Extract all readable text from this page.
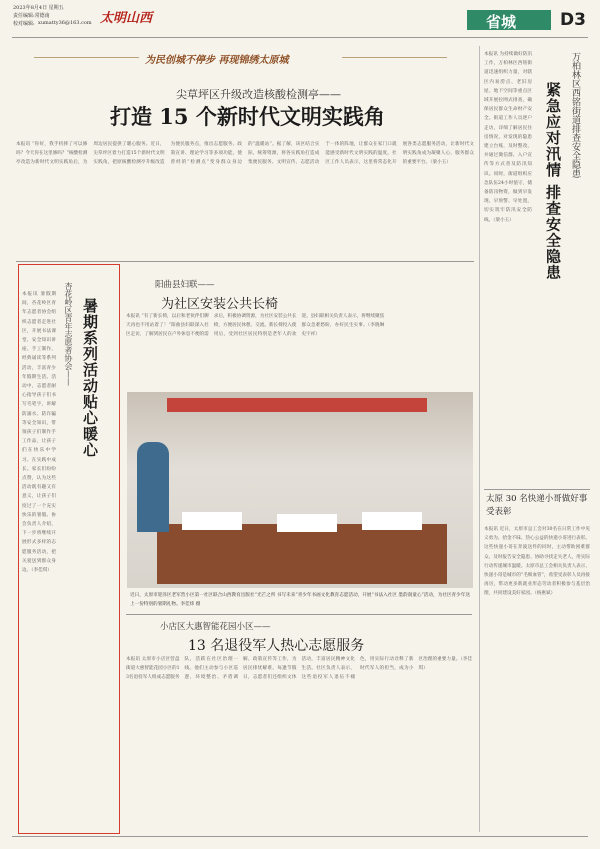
2023年8月4日 星期五
责任编辑:常德南
校对编辑: xumatty36@163.com 太明山西	省城	D3
为民创城不停步 再现锦绣太原城
尖草坪区升级改造核酸检测亭——
打造 15 个新时代文明实践角
本报讯 “你好，我手机摔了可以修吗？今天你在这里修吗？”核酸检测亭改造为新时代文明实践角后，为周边居民提供了暖心服务。近日，尖草坪区着力打造15个新时代文明实践角，把原核酸检测亭升级改造为便民服务点，推出志愿服务、政策宣讲、理论学习等多项功能，使曾经的“检测点”变身群众身边的“温暖站”。据了解，该区结合实际，统筹资源，将各实践角打造成集便民服务、文明宣传、志愿活动于一体的阵地，让群众在家门口就能感受新时代文明实践的温度。社区工作人员表示，这里将常态化开展各类志愿服务活动，让新时代文明实践角成为凝聚人心、服务群众的重要平台。（梁小玉）
本报讯 为持续做好防汛工作，万柏林区西铭街道迅速组织力量，对辖区内易涝点、老旧房屋、地下空间等重点区域开展拉网式排查，确保居民群众生命财产安全。街道工作人员逐户走访，详细了解居民住房情况，对发现的隐患建立台账，及时整改，并通过微信群、入户宣传等方式普及防汛知识。同时，街道组织应急队伍24小时值守，储备防汛物资，做到早发现、早预警、早处置，切实筑牢防汛安全防线。（梁小玉）
万柏林区西铭街道排查安全隐患
紧急应对汛情 排查安全隐患
太原 30 名快递小哥做好事受表彰
本报讯 近日，太原市总工会对30名在日常工作中见义勇为、拾金不昧、热心公益的快递小哥进行表彰。这些快递小哥在奔波送件的同时，主动帮助困难群众、及时报告安全隐患、协助寻找走失老人，用实际行动传递城市温暖。太原市总工会相关负责人表示，快递小哥是城市的“毛细血管”，希望受表彰人员再接再厉，带动更多新就业形态劳动者积极参与基层治理，共同建设美好家园。（杨惠斌）
暑期系列活动贴心暖心
杏花岭区青年志愿者协会——
本报讯 暑假期间，杏花岭区青年志愿者协会组织志愿者走进社区，开展书法课堂、安全知识讲座、手工制作、经典诵读等系列活动，丰富青少年假期生活。活动中，志愿者耐心指导孩子们书写毛笔字，讲解防溺水、防诈骗等安全知识，带领孩子们制作手工作品，让孩子们在快乐中学习、在实践中成长。家长们纷纷点赞，认为这些活动既有趣又有意义，让孩子们度过了一个充实快乐的暑假。协会负责人介绍，下一步将继续开展形式多样的志愿服务活动，把关爱送到群众身边。（李佳琪）
阳曲县妇联——
为社区安装公共长椅
本报讯 “有了新长椅，以后和老伙伴们聊天再也不用站着了！”阳曲县妇联深入社区走访，了解到居民在户外休息不便的需求后，积极协调资源，为社区安装公共长椅，方便居民休憩、交流。新长椅投入使用后，受到社区居民特别是老年人的欢迎。县妇联相关负责人表示，将继续聚焦群众急难愁盼，办好民生实事。（李晓琳 史宇祥）
近日，太原市迎泽区老军营小区第一社区联合山西教育出版社“光芒之所 书写未来”青少年书画文化教育志愿活动，开展“书法入社区 墨韵润童心”活动，为社区青少年送上一份特别的暑期礼物。李佳炜 摄
小店区大惠智能花园小区——
13 名退役军人热心志愿服务
本报讯 太原市小店区营盘街道大惠智能花园小区的13名退役军人组成志愿服务队，活跃在社区治理一线。他们主动参与小区巡逻、环境整治、矛盾调解、政策宣传等工作，为居民排忧解难。每逢节假日，志愿者们还组织文体活动，丰富居民精神文化生活。社区负责人表示，这些退役军人退伍不褪色，用实际行动诠释了新时代军人的担当，成为小区治理的重要力量。（李佳琪）
